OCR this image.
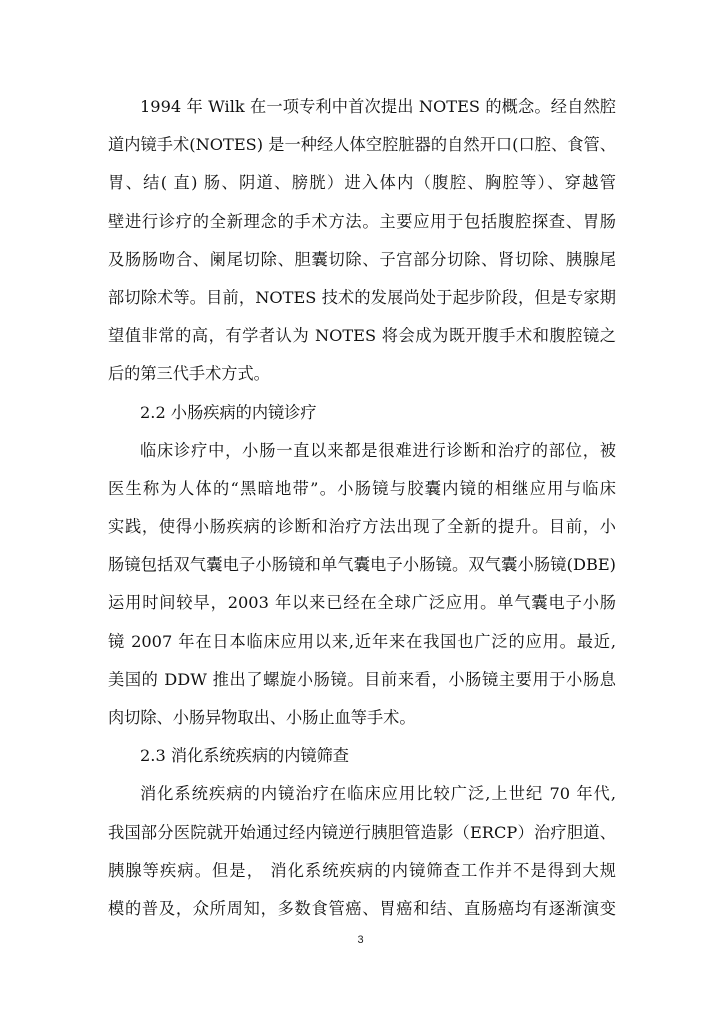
1994 年 Wilk 在一项专利中首次提出 NOTES 的概念。经自然腔
道内镜手术(NOTES) 是一种经人体空腔脏器的自然开口(口腔、食管、
胃、结( 直) 肠、阴道、膀胱）进入体内（腹腔、胸腔等）、穿越管
壁进行诊疗的全新理念的手术方法。主要应用于包括腹腔探查、胃肠
及肠肠吻合、阑尾切除、胆囊切除、子宫部分切除、肾切除、胰腺尾
部切除术等。目前，NOTES 技术的发展尚处于起步阶段，但是专家期
望值非常的高，有学者认为 NOTES 将会成为既开腹手术和腹腔镜之
后的第三代手术方式。
2.2 小肠疾病的内镜诊疗
临床诊疗中，小肠一直以来都是很难进行诊断和治疗的部位，被
医生称为人体的“黑暗地带”。小肠镜与胶囊内镜的相继应用与临床
实践，使得小肠疾病的诊断和治疗方法出现了全新的提升。目前，小
肠镜包括双气囊电子小肠镜和单气囊电子小肠镜。双气囊小肠镜(DBE)
运用时间较早，2003 年以来已经在全球广泛应用。单气囊电子小肠
镜 2007 年在日本临床应用以来,近年来在我国也广泛的应用。最近,
美国的 DDW 推出了螺旋小肠镜。目前来看，小肠镜主要用于小肠息
肉切除、小肠异物取出、小肠止血等手术。
2.3 消化系统疾病的内镜筛查
消化系统疾病的内镜治疗在临床应用比较广泛,上世纪 70 年代,
我国部分医院就开始通过经内镜逆行胰胆管造影（ERCP）治疗胆道、
胰腺等疾病。但是， 消化系统疾病的内镜筛查工作并不是得到大规
模的普及，众所周知，多数食管癌、胃癌和结、直肠癌均有逐渐演变
3
